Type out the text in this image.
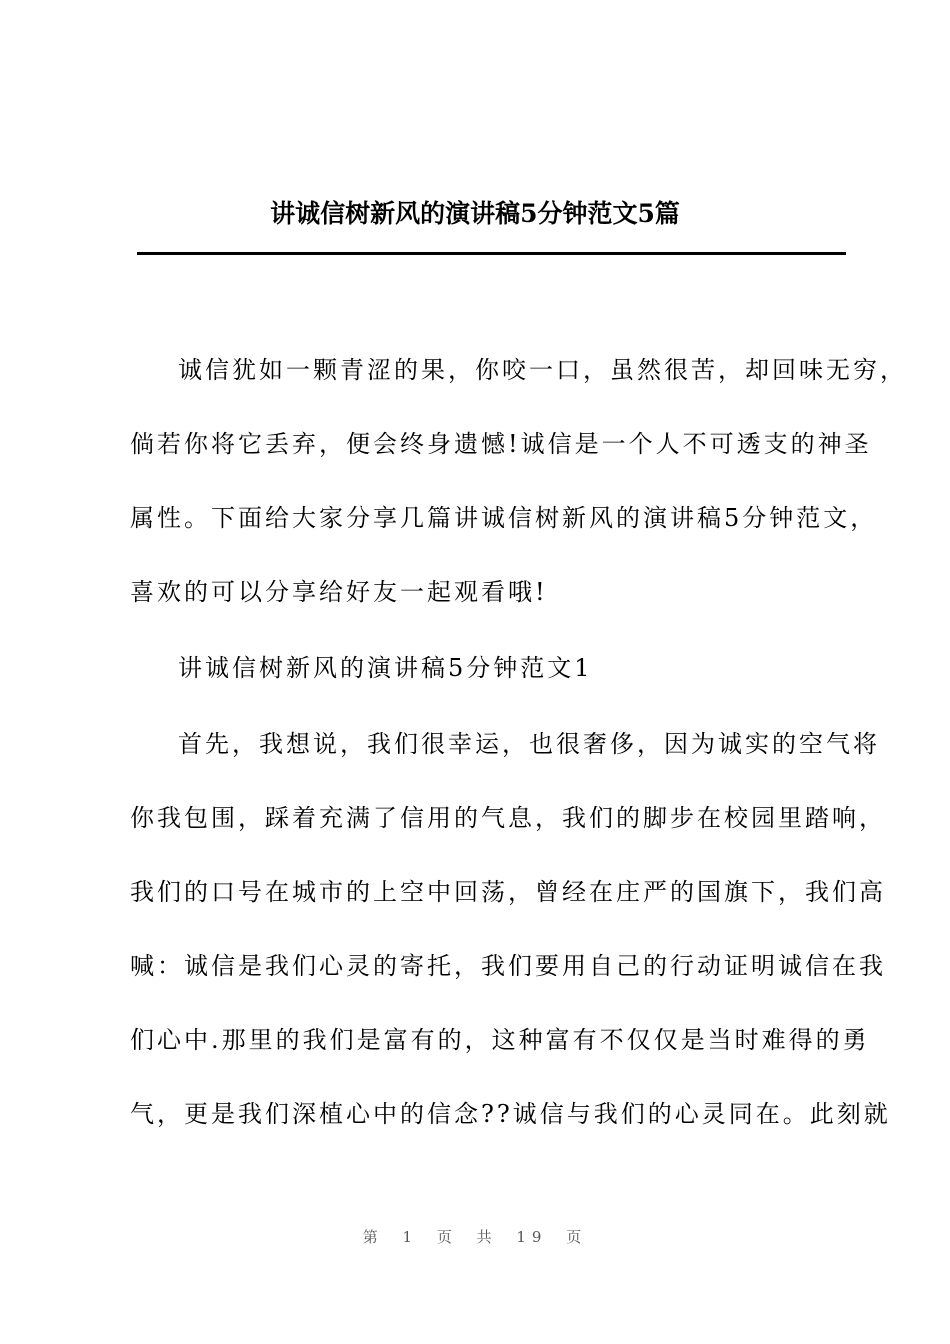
讲诚信树新风的演讲稿5分钟范文5篇
诚信犹如一颗青涩的果，你咬一口，虽然很苦，却回味无穷，
倘若你将它丢弃，便会终身遗憾!诚信是一个人不可透支的神圣
属性。下面给大家分享几篇讲诚信树新风的演讲稿5分钟范文，
喜欢的可以分享给好友一起观看哦!
讲诚信树新风的演讲稿5分钟范文1
首先，我想说，我们很幸运，也很奢侈，因为诚实的空气将
你我包围，踩着充满了信用的气息，我们的脚步在校园里踏响，
我们的口号在城市的上空中回荡，曾经在庄严的国旗下，我们高
喊：诚信是我们心灵的寄托，我们要用自己的行动证明诚信在我
们心中.那里的我们是富有的，这种富有不仅仅是当时难得的勇
气，更是我们深植心中的信念??诚信与我们的心灵同在。此刻就
第 1 页 共 19 页
